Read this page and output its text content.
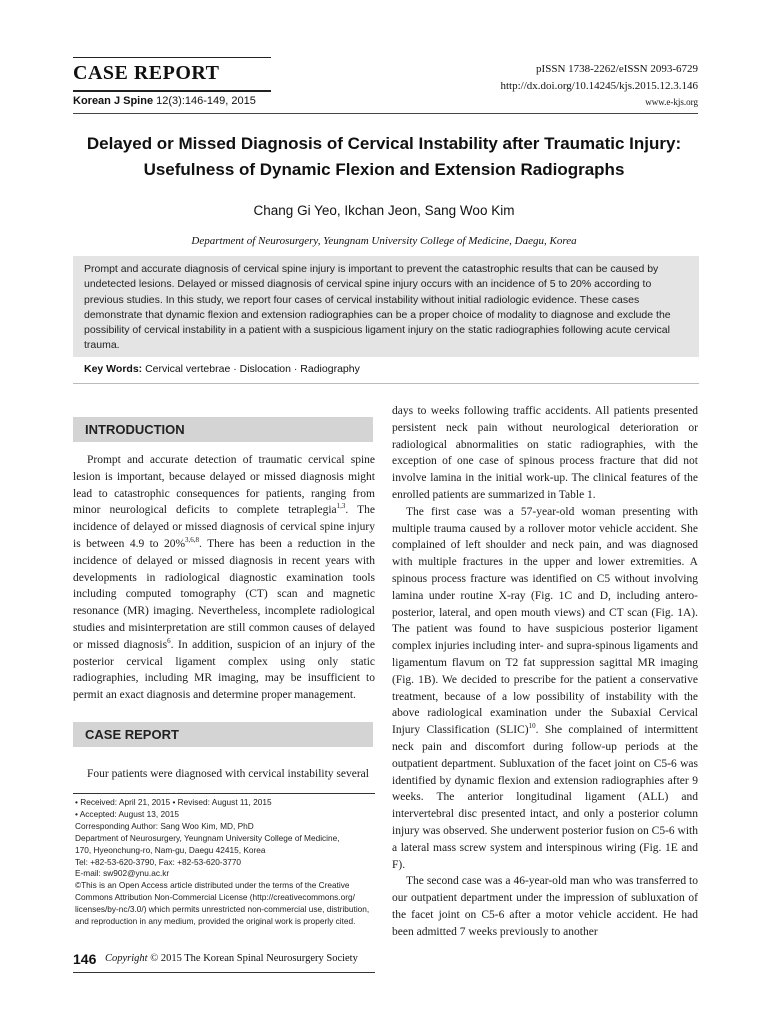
CASE REPORT
Korean J Spine 12(3):146-149, 2015
pISSN 1738-2262/eISSN 2093-6729
http://dx.doi.org/10.14245/kjs.2015.12.3.146
www.e-kjs.org
Delayed or Missed Diagnosis of Cervical Instability after Traumatic Injury:
Usefulness of Dynamic Flexion and Extension Radiographs
Chang Gi Yeo, Ikchan Jeon, Sang Woo Kim
Department of Neurosurgery, Yeungnam University College of Medicine, Daegu, Korea
Prompt and accurate diagnosis of cervical spine injury is important to prevent the catastrophic results that can be caused by undetected lesions. Delayed or missed diagnosis of cervical spine injury occurs with an incidence of 5 to 20% according to previous studies. In this study, we report four cases of cervical instability without initial radiologic evidence. These cases demonstrate that dynamic flexion and extension radiographies can be a proper choice of modality to diagnose and exclude the possibility of cervical instability in a patient with a suspicious ligament injury on the static radiographies following acute cervical trauma.
Key Words: Cervical vertebrae · Dislocation · Radiography
INTRODUCTION

Prompt and accurate detection of traumatic cervical spine lesion is important, because delayed or missed diagnosis might lead to catastrophic consequences for patients, ranging from minor neurological deficits to complete tetraplegia$^{1,3}$. The incidence of delayed or missed diagnosis of cervical spine injury is between 4.9 to 20%$^{3,6,8}$. There has been a reduction in the incidence of delayed or missed diagnosis in recent years with developments in radiological diagnostic examination tools including computed tomography (CT) scan and magnetic resonance (MR) imaging. Nevertheless, incomplete radiological studies and misinterpretation are still common causes of delayed or missed diagnosis$^6$. In addition, suspicion of an injury of the posterior cervical ligament complex using only static radiographies, including MR imaging, may be insufficient to permit an exact diagnosis and determine proper management.

CASE REPORT

Four patients were diagnosed with cervical instability several

• Received: April 21, 2015 • Revised: August 11, 2015
• Accepted: August 13, 2015
Corresponding Author: Sang Woo Kim, MD, PhD
Department of Neurosurgery, Yeungnam University College of Medicine,
170, Hyeonchung-ro, Nam-gu, Daegu 42415, Korea
Tel: +82-53-620-3790, Fax: +82-53-620-3770
E-mail: sw902@ynu.ac.kr
©This is an Open Access article distributed under the terms of the Creative
Commons Attribution Non-Commercial License (http://creativecommons.org/
licenses/by-nc/3.0/) which permits unrestricted non-commercial use, distribution,
and reproduction in any medium, provided the original work is properly cited.

days to weeks following traffic accidents. All patients presented persistent neck pain without neurological deterioration or radiological abnormalities on static radiographies, with the exception of one case of spinous process fracture that did not involve lamina in the initial work-up. The clinical features of the enrolled patients are summarized in Table 1.

The first case was a 57-year-old woman presenting with multiple trauma caused by a rollover motor vehicle accident. She complained of left shoulder and neck pain, and was diagnosed with multiple fractures in the upper and lower extremities. A spinous process fracture was identified on C5 without involving lamina under routine X-ray (Fig. 1C and D, including antero-posterior, lateral, and open mouth views) and CT scan (Fig. 1A). The patient was found to have suspicious posterior ligament complex injuries including inter- and supra-spinous ligaments and ligamentum flavum on T2 fat suppression sagittal MR imaging (Fig. 1B). We decided to prescribe for the patient a conservative treatment, because of a low possibility of instability with the above radiological examination under the Subaxial Cervical Injury Classification (SLIC)$^{10}$. She complained of intermittent neck pain and discomfort during follow-up periods at the outpatient department. Subluxation of the facet joint on C5-6 was identified by dynamic flexion and extension radiographies after 9 weeks. The anterior longitudinal ligament (ALL) and intervertebral disc presented intact, and only a posterior column injury was observed. She underwent posterior fusion on C5-6 with a lateral mass screw system and interspinous wiring (Fig. 1E and F).

The second case was a 46-year-old man who was transferred to our outpatient department under the impression of subluxation of the facet joint on C5-6 after a motor vehicle accident. He had been admitted 7 weeks previously to another

146 Copyright © 2015 The Korean Spinal Neurosurgery Society
